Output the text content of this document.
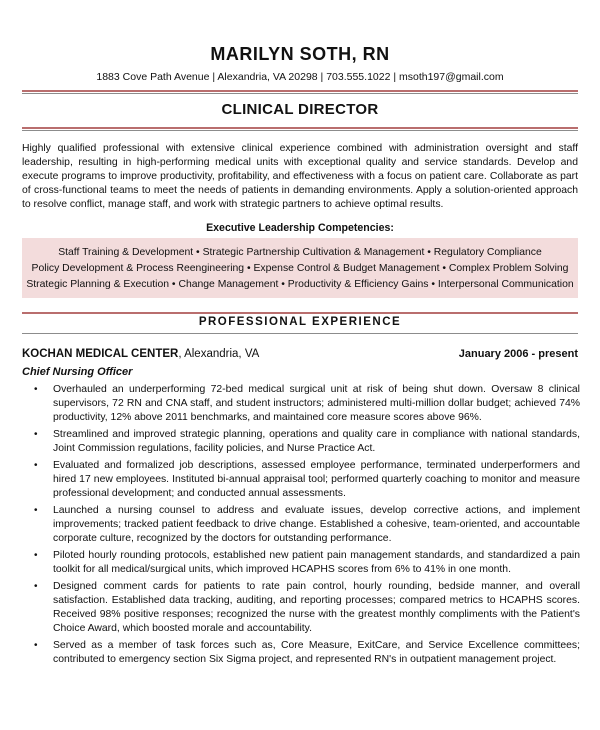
MARILYN SOTH, RN
1883 Cove Path Avenue | Alexandria, VA 20298 | 703.555.1022 | msoth197@gmail.com
CLINICAL DIRECTOR
Highly qualified professional with extensive clinical experience combined with administration oversight and staff leadership, resulting in high-performing medical units with exceptional quality and service standards. Develop and execute programs to improve productivity, profitability, and effectiveness with a focus on patient care. Collaborate as part of cross-functional teams to meet the needs of patients in demanding environments. Apply a solution-oriented approach to resolve conflict, manage staff, and work with strategic partners to achieve optimal results.
Executive Leadership Competencies:
Staff Training & Development • Strategic Partnership Cultivation & Management • Regulatory Compliance
Policy Development & Process Reengineering • Expense Control & Budget Management • Complex Problem Solving
Strategic Planning & Execution • Change Management • Productivity & Efficiency Gains • Interpersonal Communication
PROFESSIONAL EXPERIENCE
KOCHAN MEDICAL CENTER, Alexandria, VA	January 2006 - present
Chief Nursing Officer
• Overhauled an underperforming 72-bed medical surgical unit at risk of being shut down. Oversaw 8 clinical supervisors, 72 RN and CNA staff, and student instructors; administered multi-million dollar budget; achieved 74% productivity, 12% above 2011 benchmarks, and maintained core measure scores above 96%.
• Streamlined and improved strategic planning, operations and quality care in compliance with national standards, Joint Commission regulations, facility policies, and Nurse Practice Act.
• Evaluated and formalized job descriptions, assessed employee performance, terminated underperformers and hired 17 new employees. Instituted bi-annual appraisal tool; performed quarterly coaching to monitor and measure professional development; and conducted annual assessments.
• Launched a nursing counsel to address and evaluate issues, develop corrective actions, and implement improvements; tracked patient feedback to drive change. Established a cohesive, team-oriented, and accountable corporate culture, recognized by the doctors for outstanding performance.
• Piloted hourly rounding protocols, established new patient pain management standards, and standardized a pain toolkit for all medical/surgical units, which improved HCAPHS scores from 6% to 41% in one month.
• Designed comment cards for patients to rate pain control, hourly rounding, bedside manner, and overall satisfaction. Established data tracking, auditing, and reporting processes; compared metrics to HCAPHS scores. Received 98% positive responses; recognized the nurse with the greatest monthly compliments with the Patient's Choice Award, which boosted morale and accountability.
• Served as a member of task forces such as, Core Measure, ExitCare, and Service Excellence committees; contributed to emergency section Six Sigma project, and represented RN's in outpatient management project.
